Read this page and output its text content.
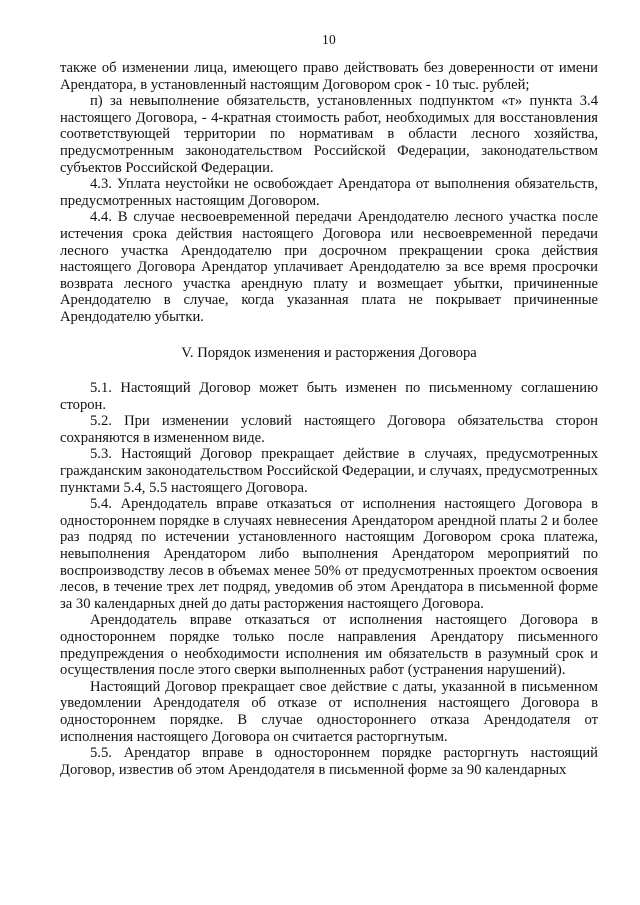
10

также об изменении лица, имеющего право действовать без доверенности от имени Арендатора, в установленный настоящим Договором срок - 10 тыс. рублей;

п) за невыполнение обязательств, установленных подпунктом «т» пункта 3.4 настоящего Договора, - 4-кратная стоимость работ, необходимых для восстановления соответствующей территории по нормативам в области лесного хозяйства, предусмотренным законодательством Российской Федерации, законодательством субъектов Российской Федерации.

4.3. Уплата неустойки не освобождает Арендатора от выполнения обязательств, предусмотренных настоящим Договором.

4.4. В случае несвоевременной передачи Арендодателю лесного участка после истечения срока действия настоящего Договора или несвоевременной передачи лесного участка Арендодателю при досрочном прекращении срока действия настоящего Договора Арендатор уплачивает Арендодателю за все время просрочки возврата лесного участка арендную плату и возмещает убытки, причиненные Арендодателю в случае, когда указанная плата не покрывает причиненные Арендодателю убытки.

V. Порядок изменения и расторжения Договора

5.1. Настоящий Договор может быть изменен по письменному соглашению сторон.

5.2. При изменении условий настоящего Договора обязательства сторон сохраняются в измененном виде.

5.3. Настоящий Договор прекращает действие в случаях, предусмотренных гражданским законодательством Российской Федерации, и случаях, предусмотренных пунктами 5.4, 5.5 настоящего Договора.

5.4. Арендодатель вправе отказаться от исполнения настоящего Договора в одностороннем порядке в случаях невнесения Арендатором арендной платы 2 и более раз подряд по истечении установленного настоящим Договором срока платежа, невыполнения Арендатором либо выполнения Арендатором мероприятий по воспроизводству лесов в объемах менее 50% от предусмотренных проектом освоения лесов, в течение трех лет подряд, уведомив об этом Арендатора в письменной форме за 30 календарных дней до даты расторжения настоящего Договора.

Арендодатель вправе отказаться от исполнения настоящего Договора в одностороннем порядке только после направления Арендатору письменного предупреждения о необходимости исполнения им обязательств в разумный срок и осуществления после этого сверки выполненных работ (устранения нарушений).

Настоящий Договор прекращает свое действие с даты, указанной в письменном уведомлении Арендодателя об отказе от исполнения настоящего Договора в одностороннем порядке. В случае одностороннего отказа Арендодателя от исполнения настоящего Договора он считается расторгнутым.

5.5. Арендатор вправе в одностороннем порядке расторгнуть настоящий Договор, известив об этом Арендодателя в письменной форме за 90 календарных
